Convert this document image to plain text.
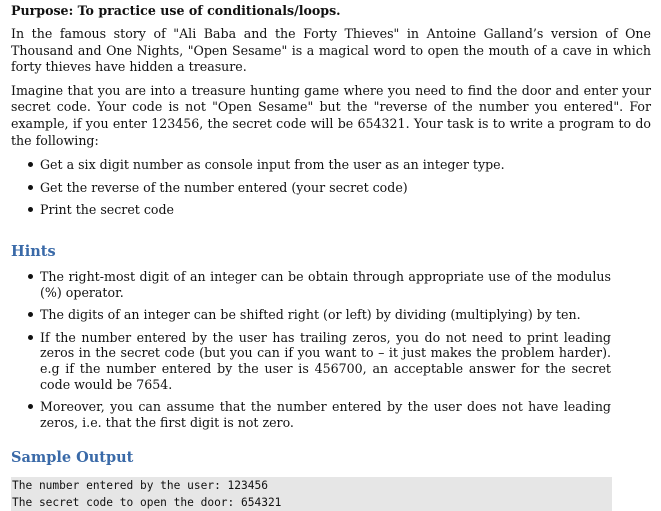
Purpose: To practice use of conditionals/loops.

In the famous story of "Ali Baba and the Forty Thieves" in Antoine Galland’s version of One Thousand and One Nights, "Open Sesame" is a magical word to open the mouth of a cave in which forty thieves have hidden a treasure.

Imagine that you are into a treasure hunting game where you need to find the door and enter your secret code. Your code is not "Open Sesame" but the "reverse of the number you entered". For example, if you enter 123456, the secret code will be 654321. Your task is to write a program to do the following:

Get a six digit number as console input from the user as an integer type.
Get the reverse of the number entered (your secret code)
Print the secret code
Hints
The right-most digit of an integer can be obtain through appropriate use of the modulus (%) operator.
The digits of an integer can be shifted right (or left) by dividing (multiplying) by ten.
If the number entered by the user has trailing zeros, you do not need to print leading zeros in the secret code (but you can if you want to – it just makes the problem harder). e.g if the number entered by the user is 456700, an acceptable answer for the secret code would be 7654.
Moreover, you can assume that the number entered by the user does not have leading zeros, i.e. that the first digit is not zero.
Sample Output
The number entered by the user: 123456
The secret code to open the door: 654321
